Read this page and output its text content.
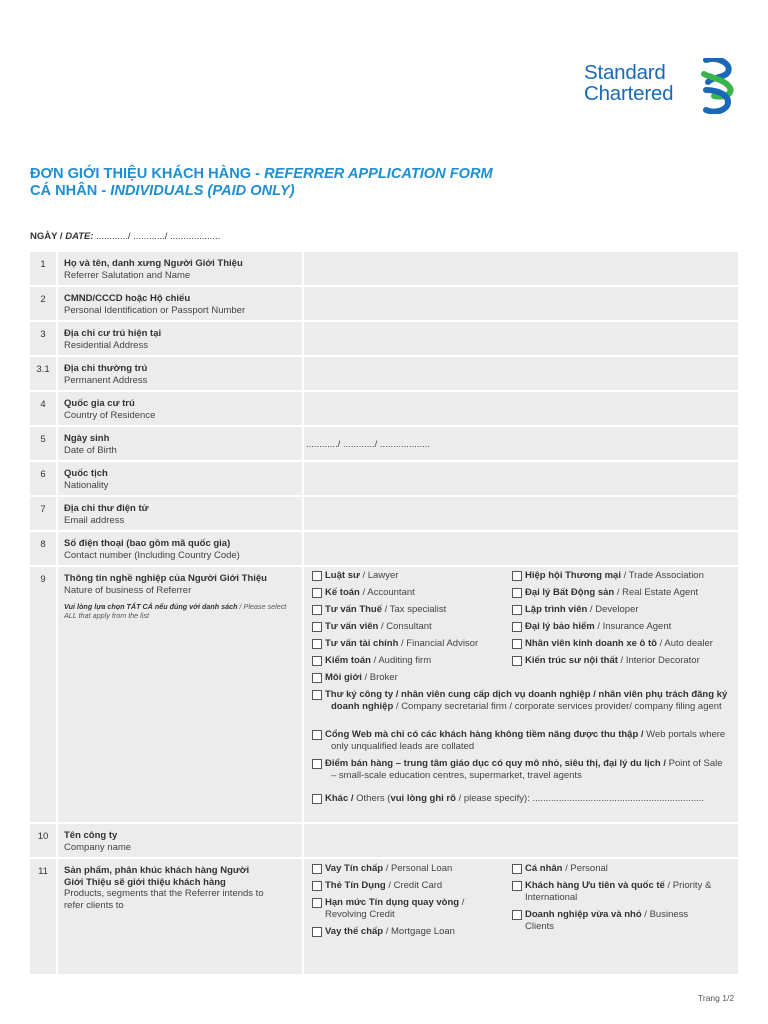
Standard
Chartered
ĐƠN GIỚI THIỆU KHÁCH HÀNG - REFERRER APPLICATION FORM
CÁ NHÂN - INDIVIDUALS (PAID ONLY)
NGÀY / DATE: ............/ ............/ ...................
1	Họ và tên, danh xưng Người Giới Thiệu
Referrer Salutation and Name
2	CMND/CCCD hoặc Hộ chiếu
Personal Identification or Passport Number
3	Địa chỉ cư trú hiện tại
Residential Address
3.1	Địa chỉ thường trú
Permanent Address
4	Quốc gia cư trú
Country of Residence
5	Ngày sinh
Date of Birth	............/ ............/ ...................
6	Quốc tịch
Nationality
7	Địa chỉ thư điện tử
Email address
8	Số điện thoại (bao gồm mã quốc gia)
Contact number (Including Country Code)
9	Thông tin nghề nghiệp của Người Giới Thiệu
Nature of business of Referrer
Vui lòng lựa chọn TẤT CẢ nếu đúng với danh sách / Please select ALL that apply from the list
Luật sư / Lawyer	Hiệp hội Thương mại / Trade Association
Kế toán / Accountant	Đại lý Bất Động sản / Real Estate Agent
Tư vấn Thuế / Tax specialist	Lập trình viên / Developer
Tư vấn viên / Consultant	Đại lý bảo hiểm / Insurance Agent
Tư vấn tài chính / Financial Advisor	Nhân viên kinh doanh xe ô tô / Auto dealer
Kiểm toán / Auditing firm	Kiến trúc sư nội thất / Interior Decorator
Môi giới / Broker
Thư ký công ty / nhân viên cung cấp dịch vụ doanh nghiệp / nhân viên phụ trách đăng ký doanh nghiệp / Company secretarial firm / corporate services provider/ company filing agent
Cổng Web mà chỉ có các khách hàng không tiềm năng được thu thập / Web portals where only unqualified leads are collated
Điểm bán hàng – trung tâm giáo dục có quy mô nhỏ, siêu thị, đại lý du lịch / Point of Sale – small-scale education centres, supermarket, travel agents
Khác / Others (vui lòng ghi rõ / please specify): .................................................................
10	Tên công ty
Company name
11	Sản phẩm, phân khúc khách hàng Người Giới Thiệu sẽ giới thiệu khách hàng
Products, segments that the Referrer intends to refer clients to
Vay Tín chấp / Personal Loan	Cá nhân / Personal
Thẻ Tín Dụng / Credit Card	Khách hàng Ưu tiên và quốc tế / Priority & International
Hạn mức Tín dụng quay vòng / Revolving Credit	Doanh nghiệp vừa và nhỏ / Business Clients
Vay thế chấp / Mortgage Loan
Trang 1/2
